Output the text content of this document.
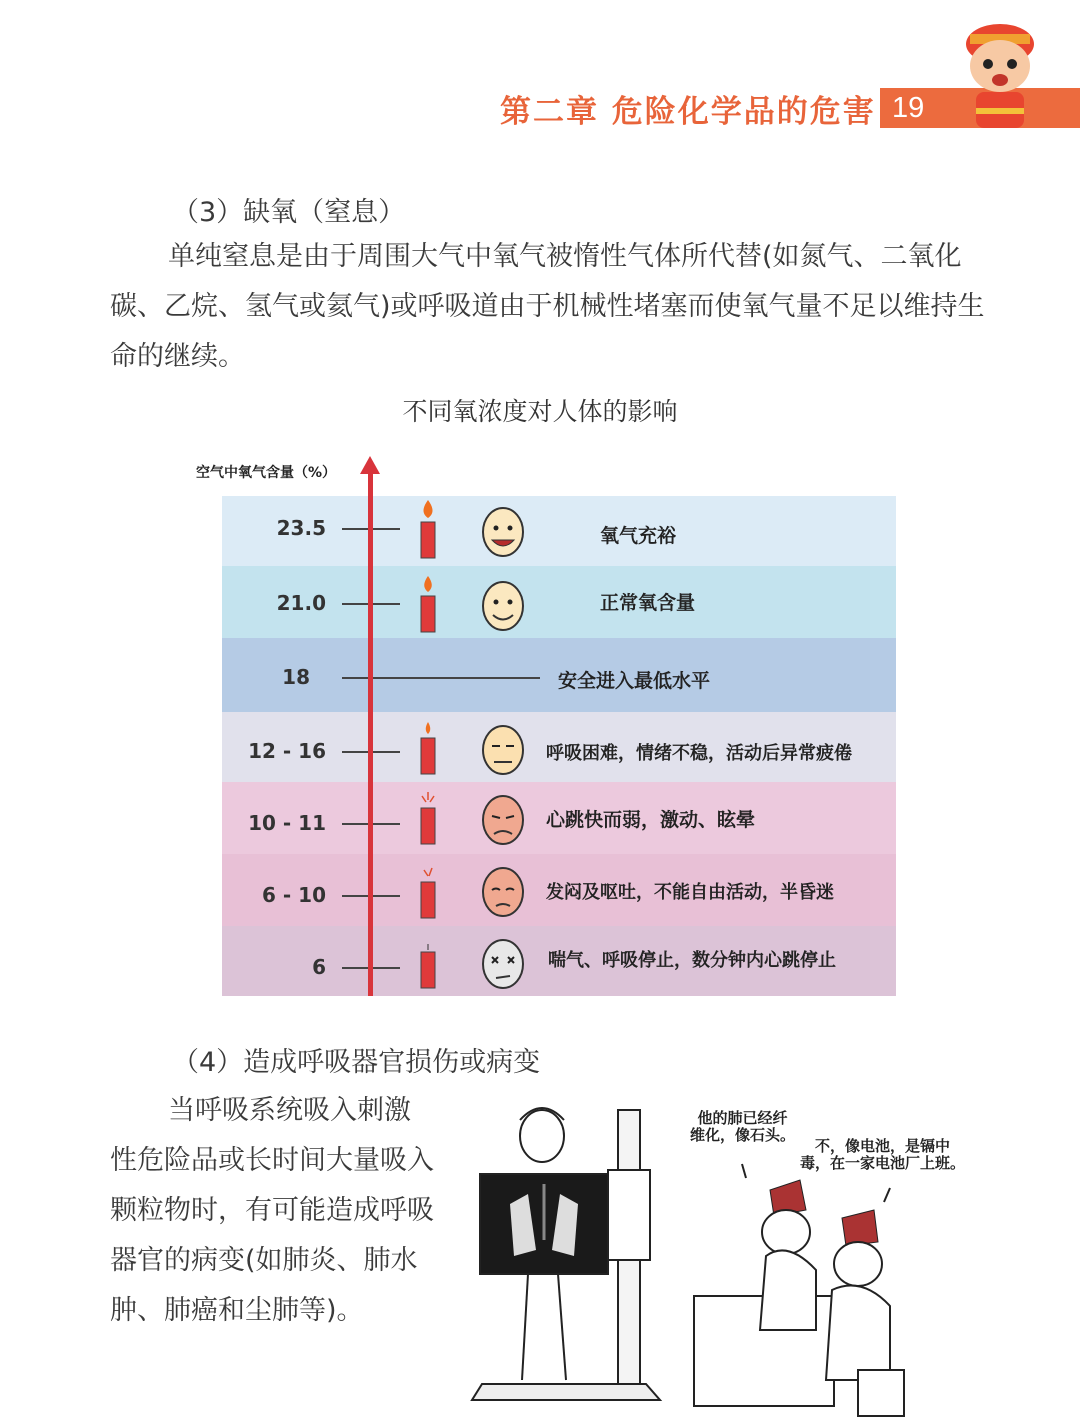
第二章 危险化学品的危害 19
（3）缺氧（窒息）
单纯窒息是由于周围大气中氧气被惰性气体所代替(如氮气、二氧化
碳、乙烷、氢气或氦气)或呼吸道由于机械性堵塞而使氧气量不足以维持生
命的继续。
不同氧浓度对人体的影响
空气中氧气含量（%）
23.5
21.0
18
12 - 16
10 - 11
6 - 10
6
氧气充裕
正常氧含量
安全进入最低水平
呼吸困难，情绪不稳，活动后异常疲倦
心跳快而弱，激动、眩晕
发闷及呕吐，不能自由活动，半昏迷
喘气、呼吸停止，数分钟内心跳停止
（4）造成呼吸器官损伤或病变
当呼吸系统吸入刺激
性危险品或长时间大量吸入
颗粒物时，有可能造成呼吸
器官的病变(如肺炎、肺水
肿、肺癌和尘肺等)。
他的肺已经纤
维化，像石头。
不，像电池，是镉中
毒，在一家电池厂上班。
